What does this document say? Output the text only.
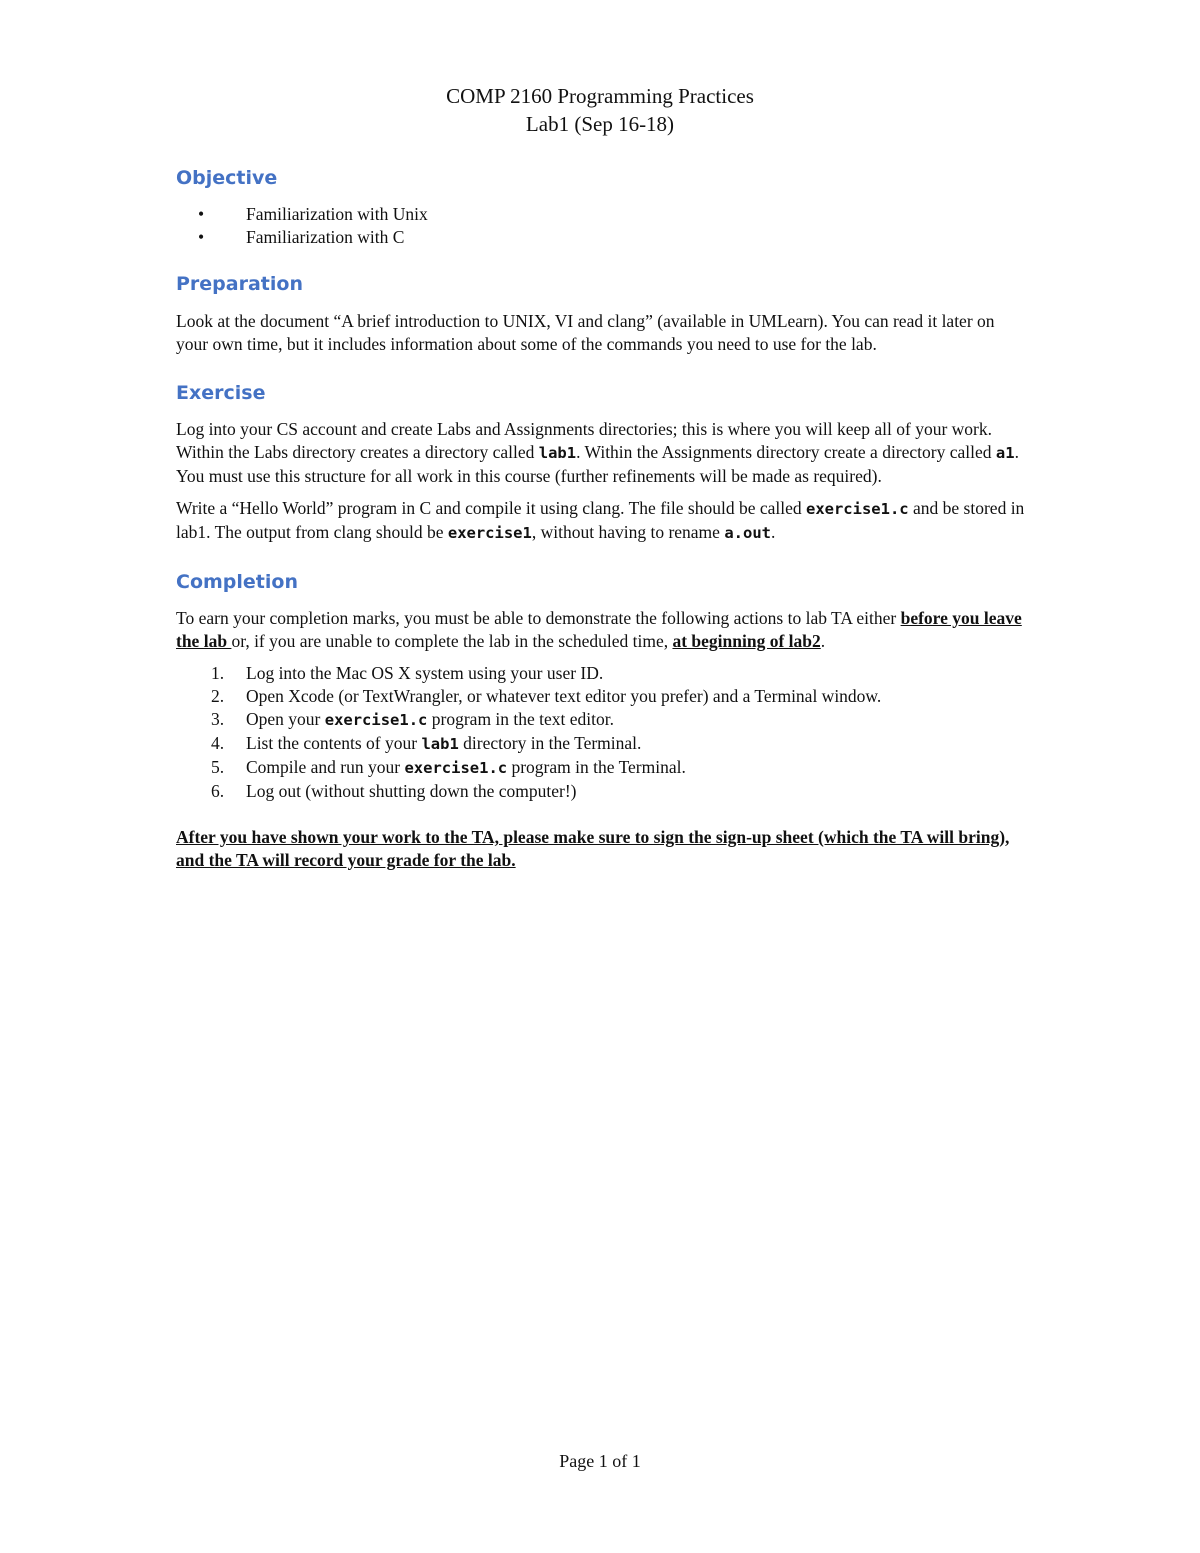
COMP 2160 Programming Practices
Lab1 (Sep 16-18)
Objective
• Familiarization with Unix
• Familiarization with C
Preparation

Look at the document “A brief introduction to UNIX, VI and clang” (available in UMLearn). You can read it later on your own time, but it includes information about some of the commands you need to use for the lab.

Exercise

Log into your CS account and create Labs and Assignments directories; this is where you will keep all of your work. Within the Labs directory creates a directory called lab1. Within the Assignments directory create a directory called a1. You must use this structure for all work in this course (further refinements will be made as required).

Write a “Hello World” program in C and compile it using clang. The file should be called exercise1.c and be stored in lab1. The output from clang should be exercise1, without having to rename a.out.

Completion

To earn your completion marks, you must be able to demonstrate the following actions to lab TA either before you leave the lab or, if you are unable to complete the lab in the scheduled time, at beginning of lab2.

1. Log into the Mac OS X system using your user ID.
2. Open Xcode (or TextWrangler, or whatever text editor you prefer) and a Terminal window.
3. Open your exercise1.c program in the text editor.
4. List the contents of your lab1 directory in the Terminal.
5. Compile and run your exercise1.c program in the Terminal.
6. Log out (without shutting down the computer!)

After you have shown your work to the TA, please make sure to sign the sign-up sheet (which the TA will bring), and the TA will record your grade for the lab.

Page 1 of 1
